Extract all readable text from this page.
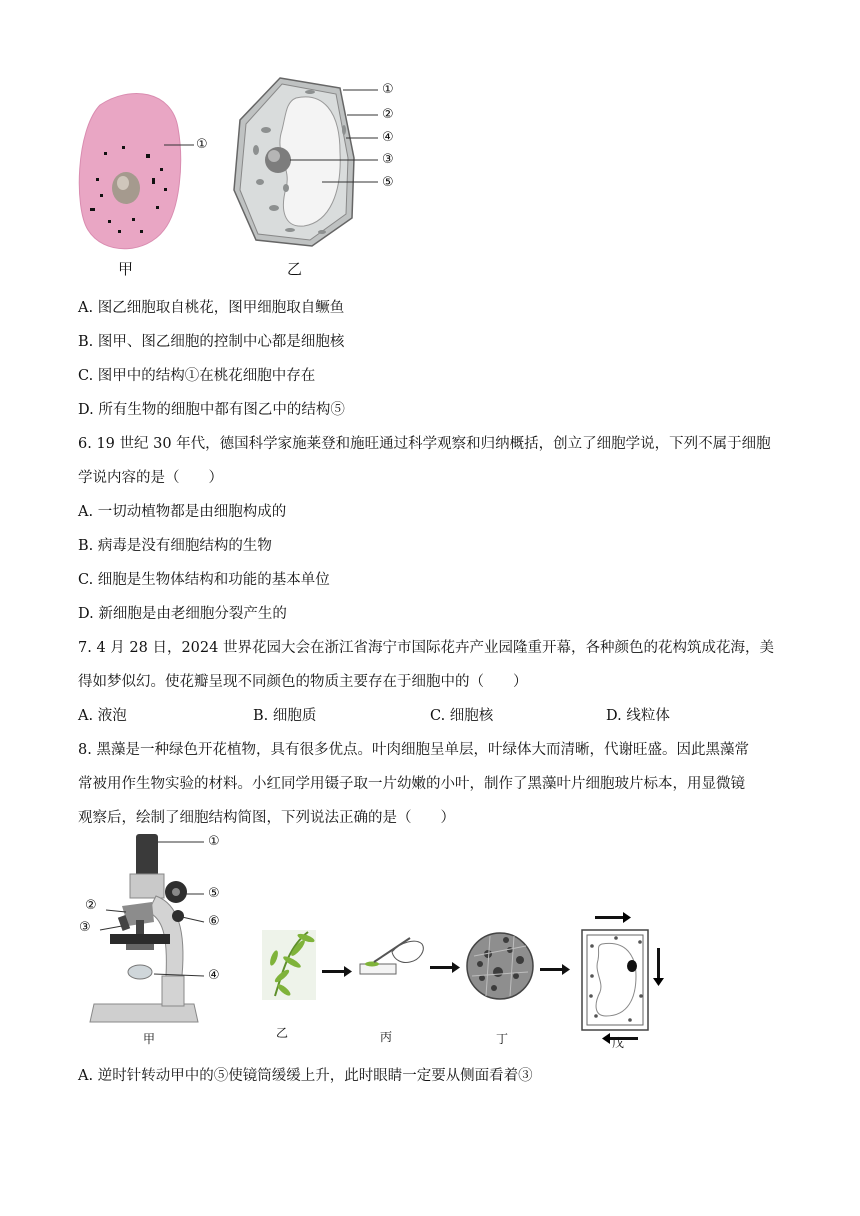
①
①
②
④
③
⑤
甲	乙
A. 图乙细胞取自桃花，图甲细胞取自鳜鱼
B. 图甲、图乙细胞的控制中心都是细胞核
C. 图甲中的结构①在桃花细胞中存在
D. 所有生物的细胞中都有图乙中的结构⑤
6. 19 世纪 30 年代，德国科学家施莱登和施旺通过科学观察和归纳概括，创立了细胞学说，下列不属于细胞
学说内容的是（　　）
A. 一切动植物都是由细胞构成的
B. 病毒是没有细胞结构的生物
C. 细胞是生物体结构和功能的基本单位
D. 新细胞是由老细胞分裂产生的
7. 4 月 28 日，2024 世界花园大会在浙江省海宁市国际花卉产业园隆重开幕，各种颜色的花构筑成花海，美
得如梦似幻。使花瓣呈现不同颜色的物质主要存在于细胞中的（　　）
A. 液泡	B. 细胞质	C. 细胞核	D. 线粒体
8. 黑藻是一种绿色开花植物，具有很多优点。叶肉细胞呈单层，叶绿体大而清晰，代谢旺盛。因此黑藻常
常被用作生物实验的材料。小红同学用镊子取一片幼嫩的小叶，制作了黑藻叶片细胞玻片标本，用显微镜
观察后，绘制了细胞结构简图，下列说法正确的是（　　）
①
⑤
②
⑥
③
④
甲	乙	丙	丁	戊
A. 逆时针转动甲中的⑤使镜筒缓缓上升，此时眼睛一定要从侧面看着③
